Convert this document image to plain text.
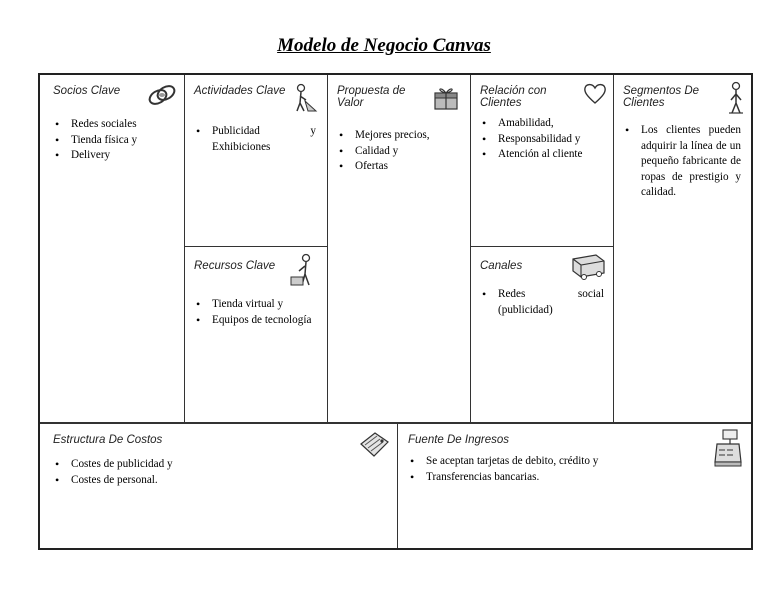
Modelo de Negocio Canvas
Socios Clave
• Redes sociales
• Tienda física y
• Delivery
Actividades Clave
• Publicidad y Exhibiciones
Recursos Clave
• Tienda virtual y
• Equipos de tecnología
Propuesta de
Valor
• Mejores precios,
• Calidad y
• Ofertas
Relación con
Clientes
• Amabilidad,
• Responsabilidad y
• Atención al cliente
Canales
• Redes social (publicidad)
Segmentos De
Clientes
• Los clientes pueden adquirir la línea de un pequeño fabricante de ropas de prestigio y calidad.
Estructura De Costos
• Costes de publicidad y
• Costes de personal.
Fuente De Ingresos
• Se aceptan tarjetas de debito, crédito y
• Transferencias bancarias.
